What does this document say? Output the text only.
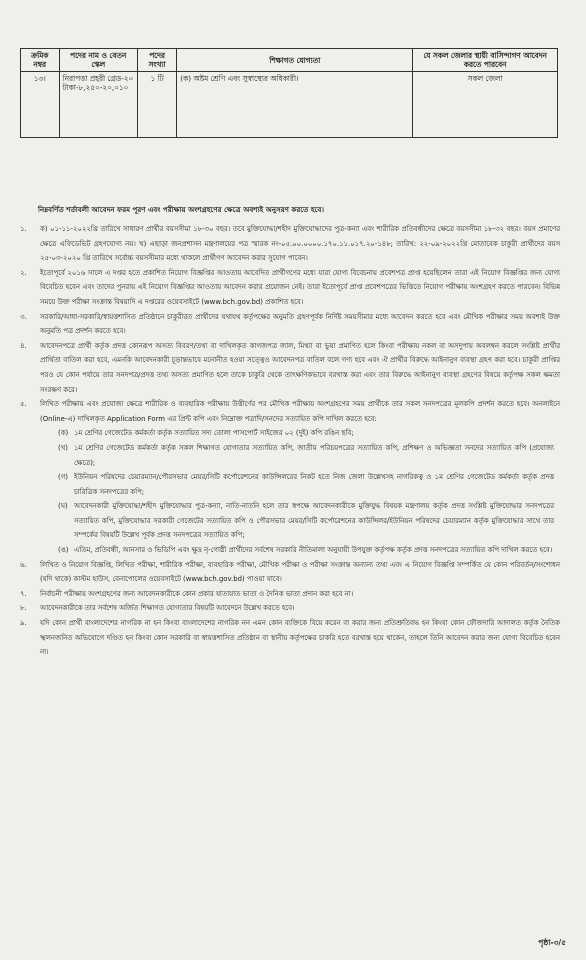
ক্রমিক নম্বর	পদের নাম ও বেতন স্কেল	পদের সংখ্যা	শিক্ষাগত যোগ্যতা	যে সকল জেলার স্থায়ী বাসিন্দাগণ আবেদন করতে পারবেন
১৩।	নিরাপত্তা প্রহরী গ্রেড-২০ টাকা-৮,২৫০-২০,০১০	১ টি	(ক) অষ্টম শ্রেণি এবং সুস্বাস্থ্যের অধিকারী।	সকল জেলা
নিম্নবর্ণিত শর্তাবলী আবেদন ফরম পূরণ এবং পরীক্ষায় অংশগ্রহণের ক্ষেত্রে অবশ্যই অনুসরণ করতে হবে।
১.	ক) ০১-১১-২০২২খ্রি তারিখে সাধারণ প্রার্থীর বয়সসীমা ১৮-৩০ বছর। তবে মুক্তিযোদ্ধা/শহীদ মুক্তিযোদ্ধাদের পুত্র-কন্যা এবং শারীরিক প্রতিবন্ধীদের ক্ষেত্রে বয়সসীমা ১৮-৩২ বছর। বয়স প্রমাণের ক্ষেত্রে এফিডেভিট গ্রহণযোগ্য নয়। খ) এছাড়া জনপ্রশাসন মন্ত্রণালয়ের পত্র স্মারক নং-০৫.০০.০০০০.১৭০.১১.০১৭.২০-১৪৮; তারিখ: ২২-০৯-২০২২খ্রি মোতাবেক চাকুরী প্রার্থীদের বয়স ২৫-০৩-২০২০ খ্রি তারিখে সর্বোচ্চ বয়সসীমার মধ্যে থাকলে প্রার্থীগণ আবেদন করার সুযোগ পাবেন।
২.	ইতোপূর্বে ২০১৬ সালে এ দপ্তর হতে প্রকাশিত নিয়োগ বিজ্ঞপ্তির আওতায় আবেদিত প্রার্থীগণের মধ্যে যারা যোগ্য বিবেচনায় প্রবেশপত্র প্রাপ্ত হয়েছিলেন তারা এই নিয়োগ বিজ্ঞপ্তির জন্য যোগ্য বিবেচিত হবেন এবং তাদের পুনরায় এই নিয়োগ বিজ্ঞপ্তির আওতায় আবেদন করার প্রয়োজন নেই। তারা ইতোপূর্বে প্রাপ্ত প্রবেশপত্রের ভিত্তিতে নিয়োগ পরীক্ষায় অংশগ্রহণ করতে পারবেন। বিভিন্ন সময়ে উক্ত পরীক্ষা সংক্রান্ত বিষয়াদি এ দপ্তরের ওয়েবসাইটে (www.bch.gov.bd) প্রকাশিত হবে।
৩.	সরকারি/আধা-সরকারি/স্বায়ত্তশাসিত প্রতিষ্ঠানে চাকুরীরত প্রার্থীদের যথাযথ কর্তৃপক্ষের অনুমতি গ্রহণপূর্বক নির্দিষ্ট সময়সীমার মধ্যে আবেদন করতে হবে এবং মৌখিক পরীক্ষার সময় অবশ্যই উক্ত অনুমতি পত্র প্রদর্শন করতে হবে।
৪.	আবেদনপত্রে প্রার্থী কর্তৃক প্রদত্ত কোনরূপ অসত্য বিবরণ/তথ্য বা দাখিলকৃত কাগজপত্র জাল, মিথ্যা বা ভুয়া প্রমাণিত হলে কিংবা পরীক্ষায় নকল বা অসদুপায় অবলম্বন করলে সংশ্লিষ্ট প্রার্থীর প্রার্থিতা বাতিল করা হবে, এমনকি আবেদনকারী চূড়ান্তভাবে মনোনীত হওয়া সত্ত্বেও আবেদনপত্র বাতিল বলে গণ্য হবে এবং ঐ প্রার্থীর বিরুদ্ধে আইনানুগ ব্যবস্থা গ্রহণ করা হবে। চাকুরী প্রাপ্তির পরও যে কোন পর্যায়ে তার সনদপত্র/প্রদত্ত তথ্য অসত্য প্রমাণিত হলে তাকে চাকুরি থেকে তাৎক্ষণিকভাবে বরখাস্ত করা এবং তার বিরুদ্ধে আইনানুগ ব্যবস্থা গ্রহণের বিষয়ে কর্তৃপক্ষ সকল ক্ষমতা সংরক্ষণ করে।
৫.	লিখিত পরীক্ষায় এবং প্রযোজ্য ক্ষেত্রে শারীরিক ও ব্যবহারিক পরীক্ষায় উত্তীর্ণের পর মৌখিক পরীক্ষায় অংশগ্রহণের সময় প্রার্থীকে তার সকল সনদপত্রের মূলকপি প্রদর্শন করতে হবে। অনলাইনে (Online-এ) দাখিলকৃত Application Form এর প্রিন্ট কপি এবং নিম্নোক্ত পত্রাদি/সনদের সত্যায়িত কপি দাখিল করতে হবে:
(ক) ১ম শ্রেণির গেজেটেড কর্মকর্তা কর্তৃক সত্যায়িত সদ্য তোলা পাসপোর্ট সাইজের ০২ (দুই) কপি রঙিন ছবি;
(খ) ১ম শ্রেণির গেজেটেড কর্মকর্তা কর্তৃক সকল শিক্ষাগত যোগ্যতার সত্যায়িত কপি, জাতীয় পরিচয়পত্রের সত্যায়িত কপি, প্রশিক্ষণ ও অভিজ্ঞতা সনদের সত্যায়িত কপি (প্রযোজ্য ক্ষেত্রে);
(গ) ইউনিয়ন পরিষদের চেয়ারম্যান/পৌরসভার মেয়র/সিটি কর্পোরেশনের কাউন্সিলরের নিকট হতে নিজ জেলা উল্লেখসহ নাগরিকত্ব ও ১ম শ্রেণির গেজেটেড কর্মকর্তা কর্তৃক প্রদত্ত চারিত্রিক সনদপত্রের কপি;
(ঘ) আবেদনকারী মুক্তিযোদ্ধা/শহীদ মুক্তিযোদ্ধার পুত্র-কন্যা, নাতি-নাতনি হলে তার স্বপক্ষে আবেদনকারীকে মুক্তিযুদ্ধ বিষয়ক মন্ত্রণালয় কর্তৃক প্রদত্ত সংশ্লিষ্ট মুক্তিযোদ্ধার সনদপত্রের সত্যায়িত কপি, মুক্তিযোদ্ধার সরকারী গেজেটের সত্যায়িত কপি ও পৌরসভার মেয়র/সিটি কর্পোরেশনের কাউন্সিলর/ইউনিয়ন পরিষদের চেয়ারম্যান কর্তৃক মুক্তিযোদ্ধার সাথে তার সম্পর্কের বিষয়টি উল্লেখ পূর্বক প্রদত্ত সনদপত্রের সত্যায়িত কপি;
(ঙ) এতিম, প্রতিবন্ধী, আনসার ও ভিডিপি এবং ক্ষুদ্র নৃ-গোষ্ঠী প্রার্থীদের সর্বশেষ সরকারি নীতিমালা অনুযায়ী উপযুক্ত কর্তৃপক্ষ কর্তৃক প্রদত্ত সনদপত্রের সত্যায়িত কপি দাখিল করতে হবে।
৬.	লিখিত ও নিয়োগ বিজ্ঞপ্তি, লিখিত পরীক্ষা, শারীরিক পরীক্ষা, ব্যবহারিক পরীক্ষা, মৌখিক পরীক্ষা ও পরীক্ষা সংক্রান্ত অন্যান্য তথ্য এবং এ নিয়োগ বিজ্ঞপ্তি সম্পর্কিত যে কোন পরিবর্তন/সংশোধন (যদি থাকে) কাস্টম হাউস, বেনাপোলের ওয়েবসাইটে (www.bch.gov.bd) পাওয়া যাবে।
৭.	নির্বাচনী পরীক্ষায় অংশগ্রহণের জন্য আবেদনকারীকে কোন প্রকার যাতায়াত ভাতা ও দৈনিক ভাতা প্রদান করা হবে না।
৮.	আবেদনকারীকে তার সর্বশেষ অর্জিত শিক্ষাগত যোগ্যতার বিষয়টি আবেদনে উল্লেখ করতে হবে।
৯.	যদি কোন প্রার্থী বাংলাদেশের নাগরিক না হন কিংবা বাংলাদেশের নাগরিক নন এমন কোন ব্যক্তিকে বিয়ে করেন বা করার জন্য প্রতিশ্রুতিবদ্ধ হন কিংবা কোন ফৌজদারি আদালত কর্তৃক নৈতিক স্খলনজনিত অভিযোগে দণ্ডিত হন কিংবা কোন সরকারি বা স্বায়ত্তশাসিত প্রতিষ্ঠান বা স্থানীয় কর্তৃপক্ষের চাকরি হতে বরখাস্ত হয়ে থাকেন, তাহলে তিনি আবেদন করার জন্য যোগ্য বিবেচিত হবেন না।
পৃষ্ঠা-৩/৫
